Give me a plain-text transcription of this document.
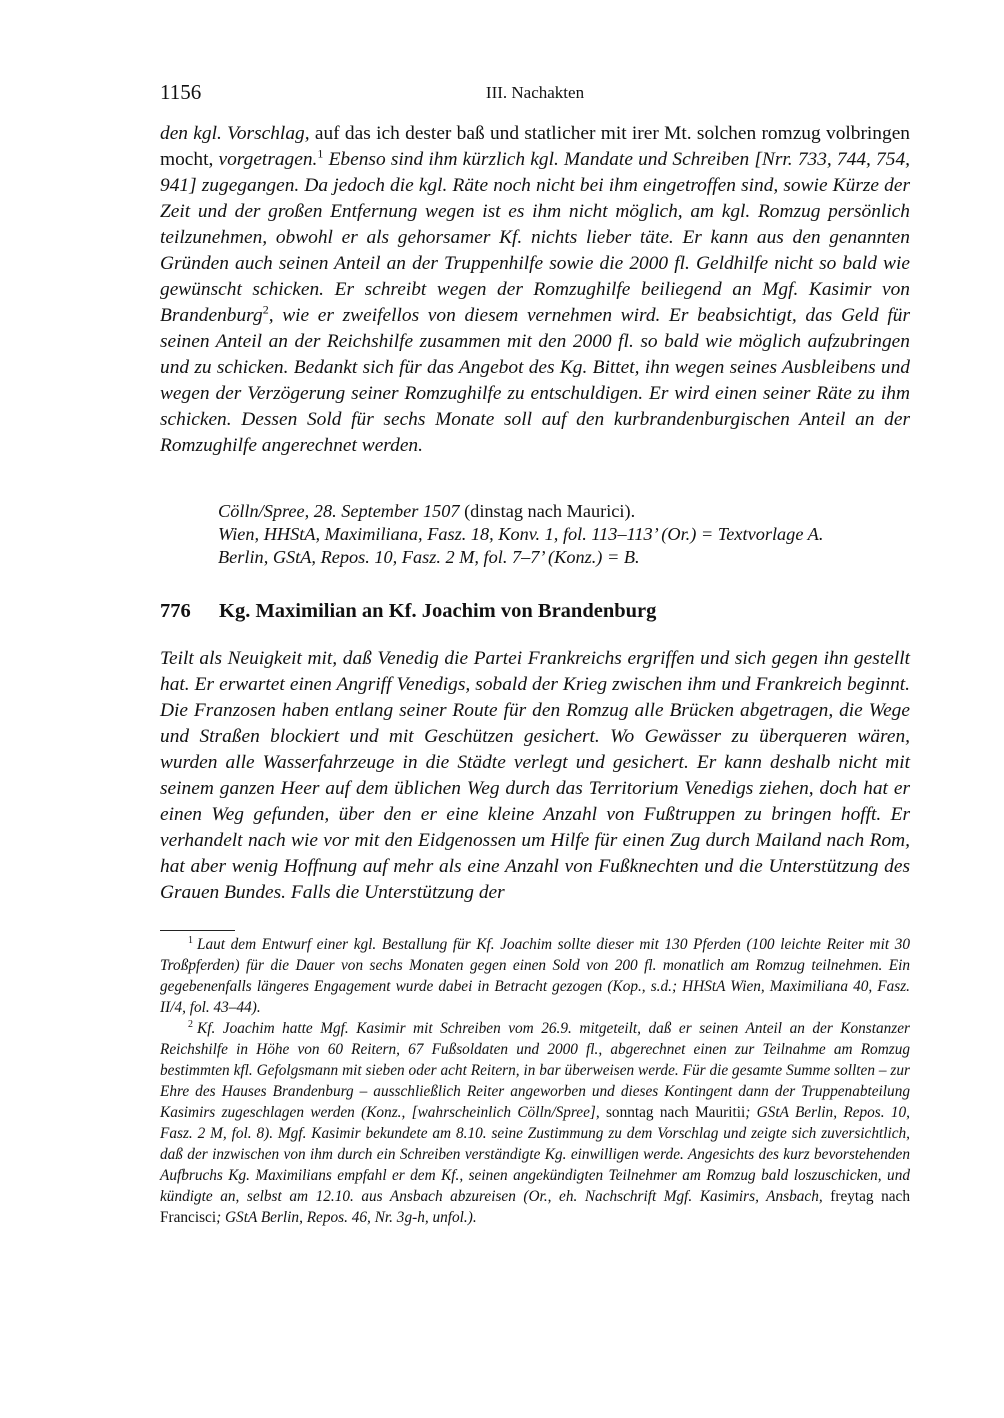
1156	III. Nachakten

den kgl. Vorschlag, auf das ich dester baß und statlicher mit irer Mt. solchen romzug volbringen mocht, vorgetragen.$^1$ Ebenso sind ihm kürzlich kgl. Mandate und Schreiben [Nrr. 733, 744, 754, 941] zugegangen. Da jedoch die kgl. Räte noch nicht bei ihm eingetroffen sind, sowie Kürze der Zeit und der großen Entfernung wegen ist es ihm nicht möglich, am kgl. Romzug persönlich teilzunehmen, obwohl er als gehorsamer Kf. nichts lieber täte. Er kann aus den genannten Gründen auch seinen Anteil an der Truppenhilfe sowie die 2000 fl. Geldhilfe nicht so bald wie gewünscht schicken. Er schreibt wegen der Romzughilfe beiliegend an Mgf. Kasimir von Brandenburg$^2$, wie er zweifellos von diesem vernehmen wird. Er beabsichtigt, das Geld für seinen Anteil an der Reichshilfe zusammen mit den 2000 fl. so bald wie möglich aufzubringen und zu schicken. Bedankt sich für das Angebot des Kg. Bittet, ihn wegen seines Ausbleibens und wegen der Verzögerung seiner Romzughilfe zu entschuldigen. Er wird einen seiner Räte zu ihm schicken. Dessen Sold für sechs Monate soll auf den kurbrandenburgischen Anteil an der Romzughilfe angerechnet werden.

Cölln/Spree, 28. September 1507 (dinstag nach Maurici).
Wien, HHStA, Maximiliana, Fasz. 18, Konv. 1, fol. 113–113’ (Or.) = Textvorlage A.
Berlin, GStA, Repos. 10, Fasz. 2 M, fol. 7–7’ (Konz.) = B.
776 Kg. Maximilian an Kf. Joachim von Brandenburg

Teilt als Neuigkeit mit, daß Venedig die Partei Frankreichs ergriffen und sich gegen ihn gestellt hat. Er erwartet einen Angriff Venedigs, sobald der Krieg zwischen ihm und Frankreich beginnt. Die Franzosen haben entlang seiner Route für den Romzug alle Brücken abgetragen, die Wege und Straßen blockiert und mit Geschützen gesichert. Wo Gewässer zu überqueren wären, wurden alle Wasserfahrzeuge in die Städte verlegt und gesichert. Er kann deshalb nicht mit seinem ganzen Heer auf dem üblichen Weg durch das Territorium Venedigs ziehen, doch hat er einen Weg gefunden, über den er eine kleine Anzahl von Fußtruppen zu bringen hofft. Er verhandelt nach wie vor mit den Eidgenossen um Hilfe für einen Zug durch Mailand nach Rom, hat aber wenig Hoffnung auf mehr als eine Anzahl von Fußknechten und die Unterstützung des Grauen Bundes. Falls die Unterstützung der

$^1$ Laut dem Entwurf einer kgl. Bestallung für Kf. Joachim sollte dieser mit 130 Pferden (100 leichte Reiter mit 30 Troßpferden) für die Dauer von sechs Monaten gegen einen Sold von 200 fl. monatlich am Romzug teilnehmen. Ein gegebenenfalls längeres Engagement wurde dabei in Betracht gezogen (Kop., s.d.; HHStA Wien, Maximiliana 40, Fasz. II/4, fol. 43–44).

$^2$ Kf. Joachim hatte Mgf. Kasimir mit Schreiben vom 26.9. mitgeteilt, daß er seinen Anteil an der Konstanzer Reichshilfe in Höhe von 60 Reitern, 67 Fußsoldaten und 2000 fl., abgerechnet einen zur Teilnahme am Romzug bestimmten kfl. Gefolgsmann mit sieben oder acht Reitern, in bar überweisen werde. Für die gesamte Summe sollten – zur Ehre des Hauses Brandenburg – ausschließlich Reiter angeworben und dieses Kontingent dann der Truppenabteilung Kasimirs zugeschlagen werden (Konz., [wahrscheinlich Cölln/Spree], sonntag nach Mauritii; GStA Berlin, Repos. 10, Fasz. 2 M, fol. 8). Mgf. Kasimir bekundete am 8.10. seine Zustimmung zu dem Vorschlag und zeigte sich zuversichtlich, daß der inzwischen von ihm durch ein Schreiben verständigte Kg. einwilligen werde. Angesichts des kurz bevorstehenden Aufbruchs Kg. Maximilians empfahl er dem Kf., seinen angekündigten Teilnehmer am Romzug bald loszuschicken, und kündigte an, selbst am 12.10. aus Ansbach abzureisen (Or., eh. Nachschrift Mgf. Kasimirs, Ansbach, freytag nach Francisci; GStA Berlin, Repos. 46, Nr. 3g-h, unfol.).
